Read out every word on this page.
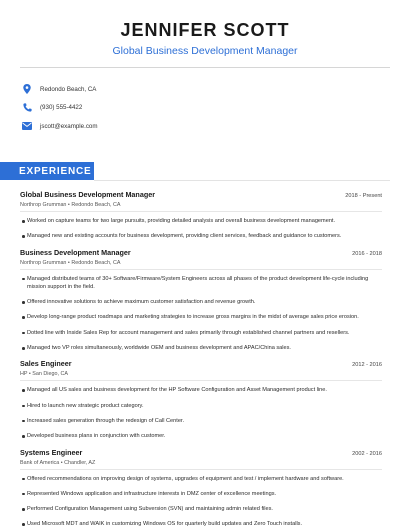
JENNIFER SCOTT
Global Business Development Manager
Redondo Beach, CA
(930) 555-4422
jscott@example.com
EXPERIENCE
Global Business Development Manager	2018 - Present
Northrop Grumman • Redondo Beach, CA
Worked on capture teams for two large pursuits, providing detailed analysis and overall business development management.
Managed new and existing accounts for business development, providing client services, feedback and guidance to customers.
Business Development Manager	2016 - 2018
Northrop Grumman • Redondo Beach, CA
Managed distributed teams of 30+ Software/Firmware/System Engineers across all phases of the product development life-cycle including mission support in the field.
Offered innovative solutions to achieve maximum customer satisfaction and revenue growth.
Develop long-range product roadmaps and marketing strategies to increase gross margins in the midst of average sales price erosion.
Dotted line with Inside Sales Rep for account management and sales primarily through established channel partners and resellers.
Managed two VP roles simultaneously, worldwide OEM and business development and APAC/China sales.
Sales Engineer	2012 - 2016
HP • San Diego, CA
Managed all US sales and business development for the HP Software Configuration and Asset Management product line.
Hired to launch new strategic product category.
Increased sales generation through the redesign of Call Center.
Developed business plans in conjunction with customer.
Systems Engineer	2002 - 2016
Bank of America • Chandler, AZ
Offered recommendations on improving design of systems, upgrades of equipment and test / implement hardware and software.
Represented Windows application and infrastructure interests in DMZ center of excellence meetings.
Performed Configuration Management using Subversion (SVN) and maintaining admin related files.
Used Microsoft MDT and WAIK in customizing Windows OS for quarterly build updates and Zero Touch installs.
